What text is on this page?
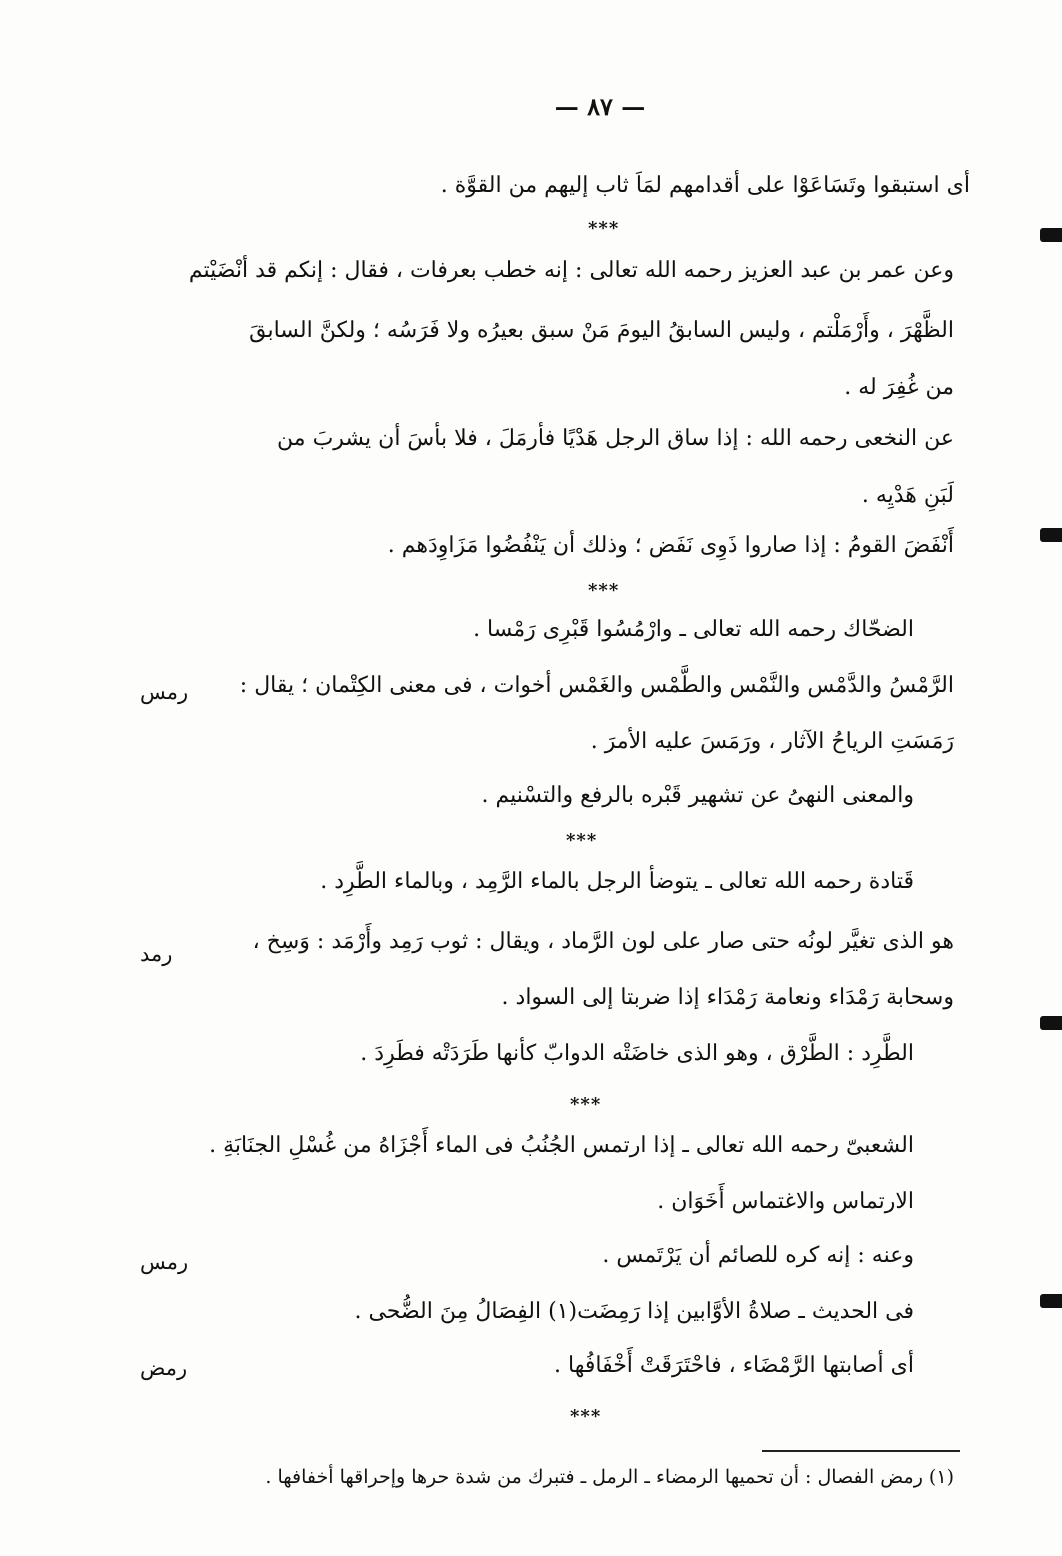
— ٨٧ —
أى استبقوا وتَسَاعَوْا على أقدامهم لمَاَ ثاب إليهم من القوَّة .
***
وعن عمر بن عبد العزيز رحمه الله تعالى : إنه خطب بعرفات ، فقال : إنكم قد أنْضَيْتم
الظَّهْرَ ، وأَرْمَلْتم ، وليس السابقُ اليومَ مَنْ سبق بعيرُه ولا فَرَسُه ؛ ولكنَّ السابقَ
من غُفِرَ له .
عن النخعى رحمه الله : إذا ساق الرجل هَدْيًا فأرمَلَ ، فلا بأسَ أن يشربَ من
لَبَنِ هَدْيِه .
أَنْفَضَ القومُ : إذا صاروا ذَوِى نَفَض ؛ وذلك أن يَنْفُضُوا مَزَاوِدَهم .
***
الضحّاك رحمه الله تعالى ـ وارْمُسُوا قَبْرِى رَمْسا .
الرَّمْسُ والدَّمْس والنَّمْس والطَّمْس والغَمْس أخوات ، فى معنى الكِتْمان ؛ يقال :
رمس
رَمَسَتِ الرياحُ الآثار ، ورَمَسَ عليه الأمرَ .
والمعنى النهىُ عن تشهير قَبْره بالرفع والتسْنيم .
***
قَتادة رحمه الله تعالى ـ يتوضأ الرجل بالماء الرَّمِد ، وبالماء الطَّرِد .
هو الذى تغيَّر لونُه حتى صار على لون الرَّماد ، ويقال : ثوب رَمِد وأَرْمَد : وَسِخ ،
رمد
وسحابة رَمْدَاء ونعامة رَمْدَاء إذا ضربتا إلى السواد .
الطَّرِد : الطَّرْق ، وهو الذى خاضَتْه الدوابّ كأنها طَرَدَتْه فطَرِدَ .
***
الشعبىّ رحمه الله تعالى ـ إذا ارتمس الجُنُبُ فى الماء أَجْزَاهُ من غُسْلِ الجنَابَةِ .
الارتماس والاغتماس أَخَوَان .
وعنه : إنه كره للصائم أن يَرْتَمس .
رمس
فى الحديث ـ صلاةُ الأوَّابين إذا رَمِضَت(١) الفِصَالُ مِنَ الضُّحى .
أى أصابتها الرَّمْضَاء ، فاحْتَرَقَتْ أَخْفَافُها .
رمض
***
(١) رمض الفصال : أن تحميها الرمضاء ـ الرمل ـ فتبرك من شدة حرها وإحراقها أخفافها .
